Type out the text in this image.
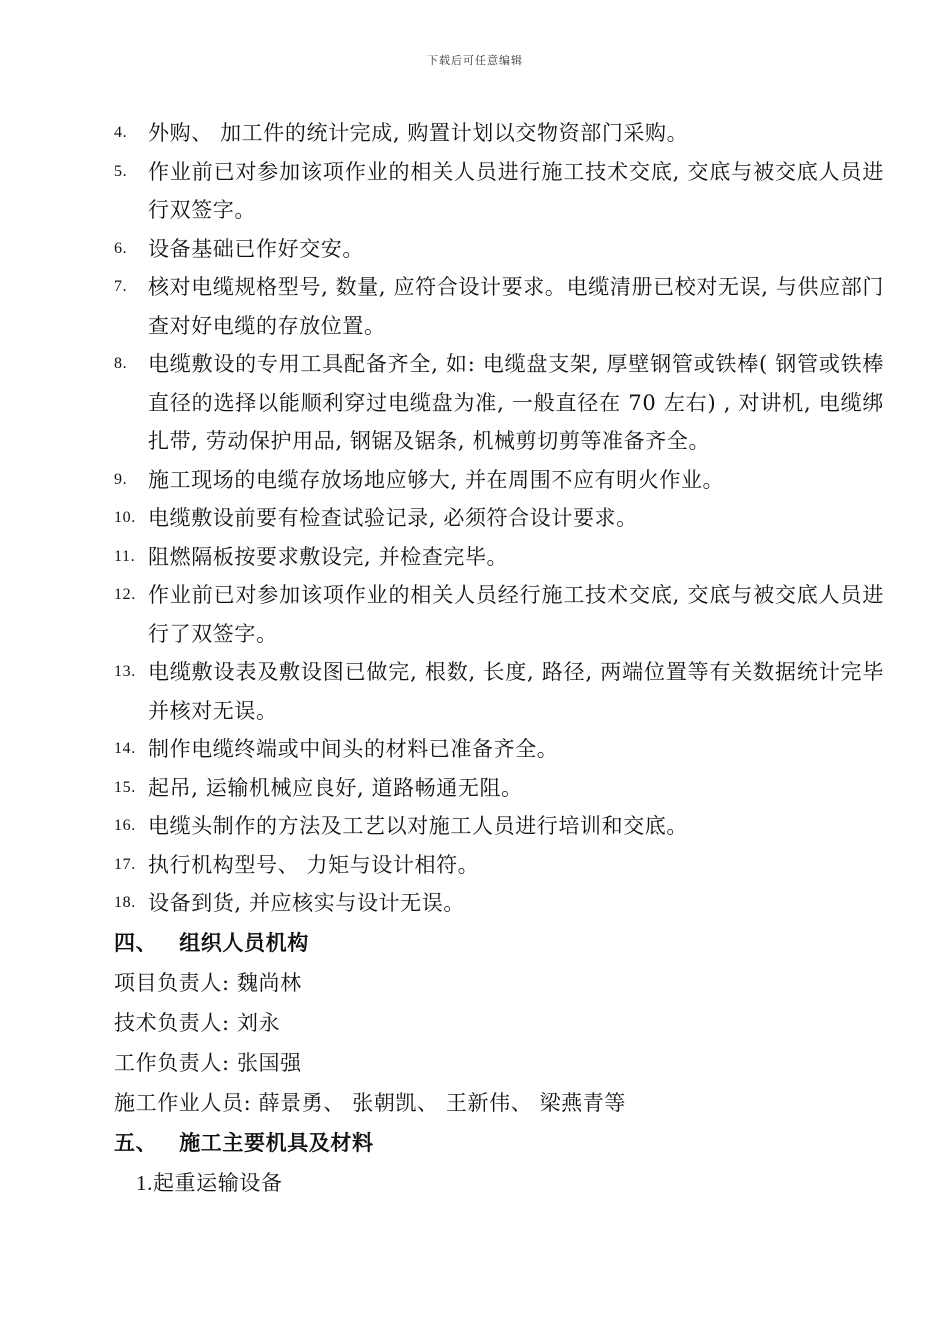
下载后可任意编辑
4. 外购、 加工件的统计完成, 购置计划以交物资部门采购。
5. 作业前已对参加该项作业的相关人员进行施工技术交底, 交底与被交底人员进行双签字。
6. 设备基础已作好交安。
7. 核对电缆规格型号, 数量, 应符合设计要求。电缆清册已校对无误, 与供应部门查对好电缆的存放位置。
8. 电缆敷设的专用工具配备齐全, 如: 电缆盘支架, 厚壁钢管或铁棒( 钢管或铁棒直径的选择以能顺利穿过电缆盘为准, 一般直径在 70 左右) , 对讲机, 电缆绑扎带, 劳动保护用品, 钢锯及锯条, 机械剪切剪等准备齐全。
9. 施工现场的电缆存放场地应够大, 并在周围不应有明火作业。
10. 电缆敷设前要有检查试验记录, 必须符合设计要求。
11. 阻燃隔板按要求敷设完, 并检查完毕。
12. 作业前已对参加该项作业的相关人员经行施工技术交底, 交底与被交底人员进行了双签字。
13. 电缆敷设表及敷设图已做完, 根数, 长度, 路径, 两端位置等有关数据统计完毕并核对无误。
14. 制作电缆终端或中间头的材料已准备齐全。
15. 起吊, 运输机械应良好, 道路畅通无阻。
16. 电缆头制作的方法及工艺以对施工人员进行培训和交底。
17. 执行机构型号、 力矩与设计相符。
18. 设备到货, 并应核实与设计无误。
四、 组织人员机构
项目负责人: 魏尚林
技术负责人: 刘永
工作负责人: 张国强
施工作业人员: 薛景勇、 张朝凯、 王新伟、 梁燕青等
五、 施工主要机具及材料
1.起重运输设备
